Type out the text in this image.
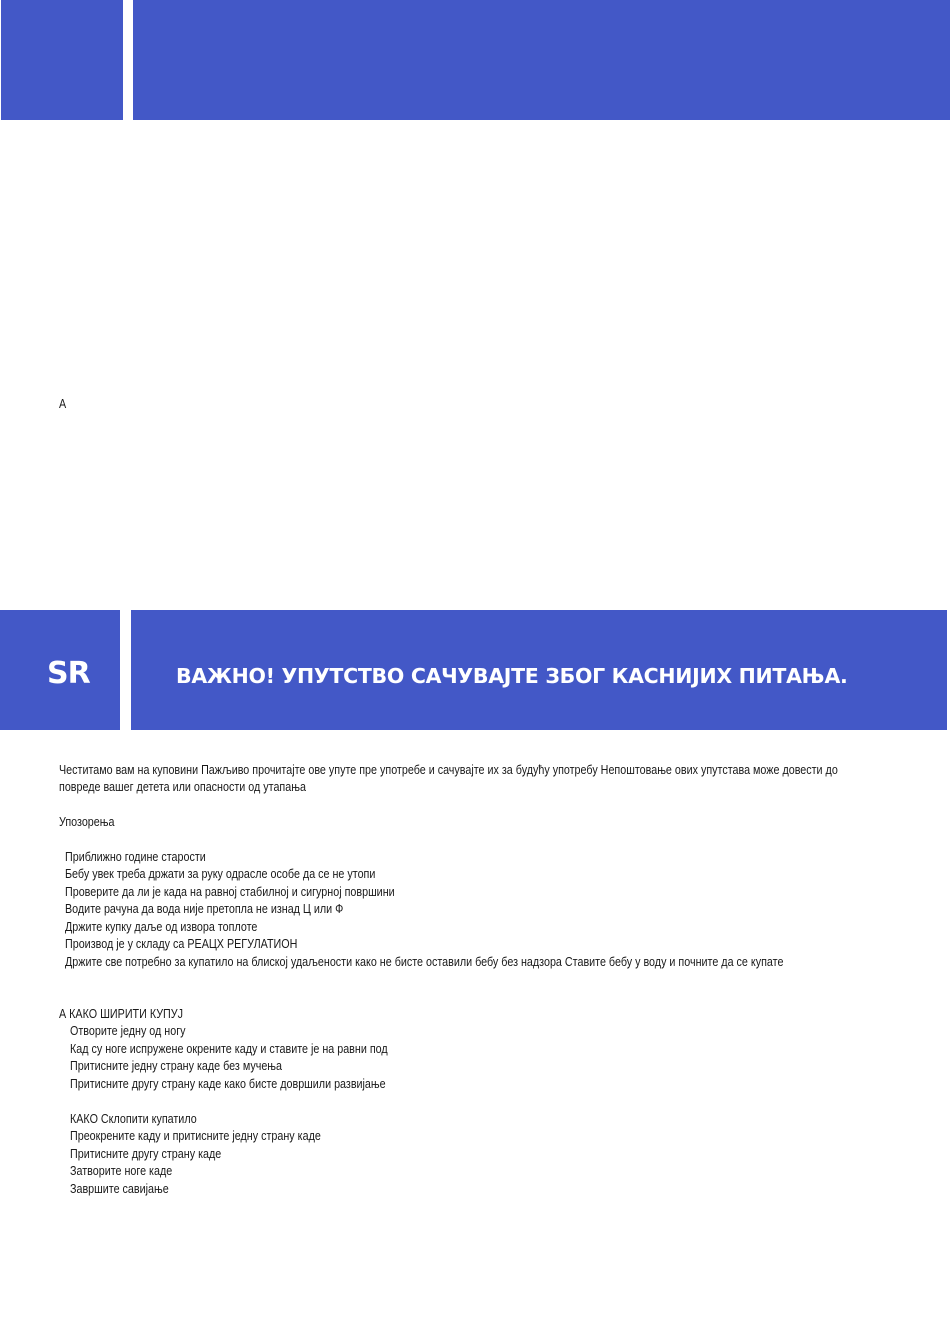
A
SR	ВАЖНО! УПУТСТВО САЧУВАЈТЕ ЗБОГ КАСНИЈИХ ПИТАЊА.
Честитамо вам на куповини Пажљиво прочитајте ове упуте пре употребе и сачувајте их за будућу употребу Непоштовање ових упутстава може довести до
повреде вашег детета или опасности од утапања
Упозорења
Приближно године старости
Бебу увек треба држати за руку одрасле особе да се не утопи
Проверите да ли је када на равној стабилној и сигурној површини
Водите рачуна да вода није претопла не изнад Ц или Ф
Држите купку даље од извора топлоте
Производ је у складу са РЕАЦХ РЕГУЛАТИОН
Држите све потребно за купатило на блиској удаљености како не бисте оставили бебу без надзора Ставите бебу у воду и почните да се купате
А КАКО ШИРИТИ КУПУЈ
Отворите једну од ногу
Кад су ноге испружене окрените каду и ставите је на равни под
Притисните једну страну каде без мучења
Притисните другу страну каде како бисте довршили развијање
КАКО Склопити купатило
Преокрените каду и притисните једну страну каде
Притисните другу страну каде
Затворите ноге каде
Завршите савијање
